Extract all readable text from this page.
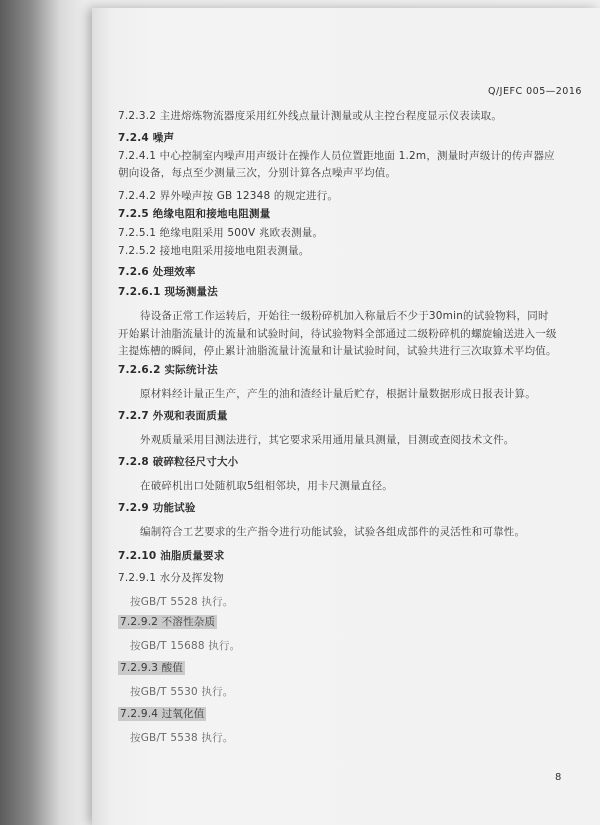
Q/JEFC 005—2016
7.2.3.2 主进熔炼物流器度采用红外线点量计测量或从主控台程度显示仪表读取。
7.2.4 噪声
7.2.4.1 中心控制室内噪声用声级计在操作人员位置距地面 1.2m，测量时声级计的传声器应朝向设备，每点至少测量三次，分别计算各点噪声平均值。
7.2.4.2 界外噪声按 GB 12348 的规定进行。
7.2.5 绝缘电阻和接地电阻测量
7.2.5.1 绝缘电阻采用 500V 兆欧表测量。
7.2.5.2 接地电阻采用接地电阻表测量。
7.2.6 处理效率
7.2.6.1 现场测量法
待设备正常工作运转后，开始往一级粉碎机加入称量后不少于30min的试验物料，同时开始累计油脂流量计的流量和试验时间，待试验物料全部通过二级粉碎机的螺旋输送进入一级主提炼槽的瞬间，停止累计油脂流量计流量和计量试验时间，试验共进行三次取算术平均值。
7.2.6.2 实际统计法
原材料经计量正生产，产生的油和渣经计量后贮存，根据计量数据形成日报表计算。
7.2.7 外观和表面质量
外观质量采用目测法进行，其它要求采用通用量具测量，目测或查阅技术文件。
7.2.8 破碎粒径尺寸大小
在破碎机出口处随机取5组相邻块，用卡尺测量直径。
7.2.9 功能试验
编制符合工艺要求的生产指令进行功能试验，试验各组成部件的灵活性和可靠性。
7.2.10 油脂质量要求
7.2.9.1 水分及挥发物
按GB/T 5528 执行。
7.2.9.2 不溶性杂质
按GB/T 15688 执行。
7.2.9.3 酸值
按GB/T 5530 执行。
7.2.9.4 过氧化值
按GB/T 5538 执行。
8
